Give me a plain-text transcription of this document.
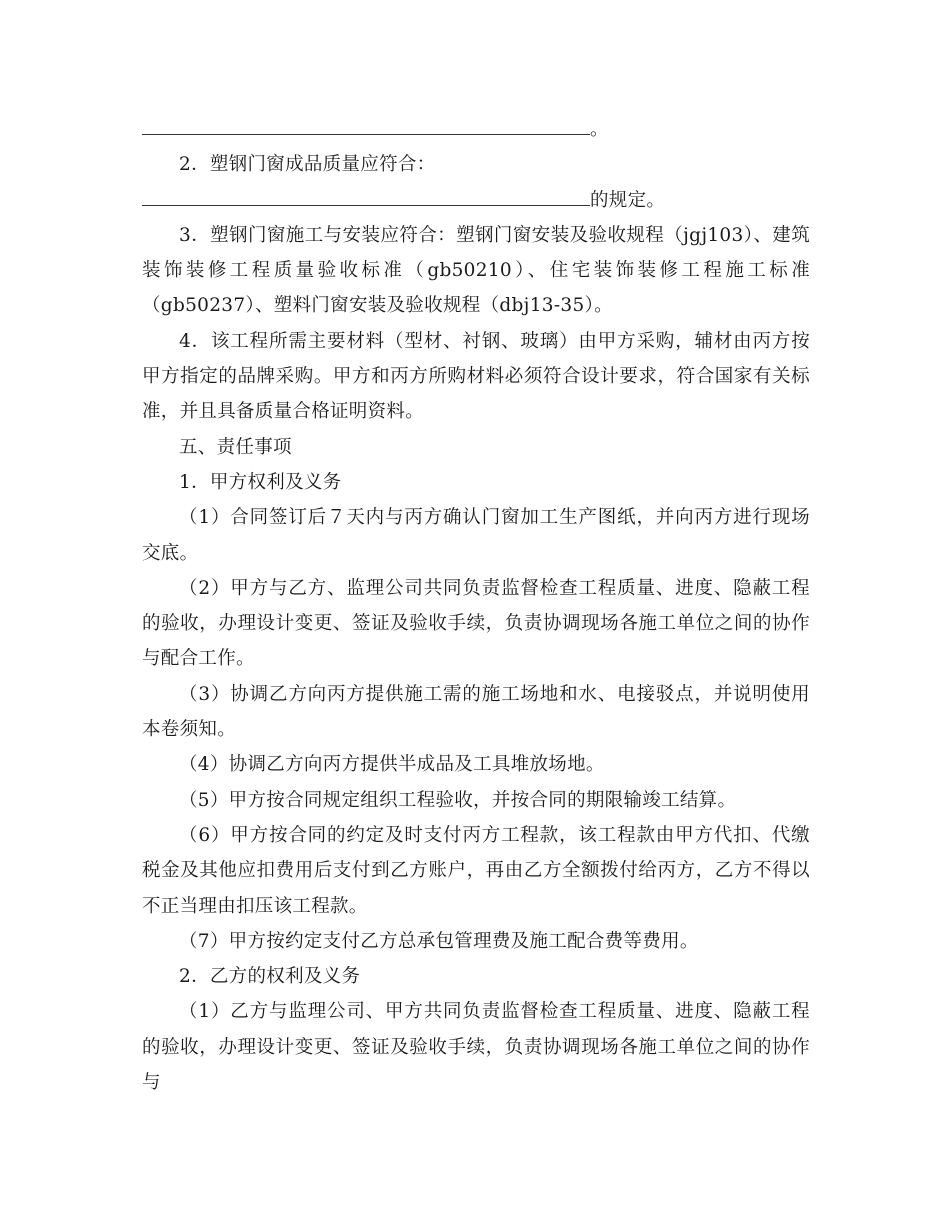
。

2．塑钢门窗成品质量应符合：

的规定。

3．塑钢门窗施工与安装应符合：塑钢门窗安装及验收规程（jgj103）、建筑装饰装修工程质量验收标准（gb50210）、住宅装饰装修工程施工标准（gb50237）、塑料门窗安装及验收规程（dbj13-35）。

4．该工程所需主要材料（型材、衬钢、玻璃）由甲方采购，辅材由丙方按甲方指定的品牌采购。甲方和丙方所购材料必须符合设计要求，符合国家有关标准，并且具备质量合格证明资料。

五、责任事项

1．甲方权利及义务

（1）合同签订后７天内与丙方确认门窗加工生产图纸，并向丙方进行现场交底。

（2）甲方与乙方、监理公司共同负责监督检查工程质量、进度、隐蔽工程的验收，办理设计变更、签证及验收手续，负责协调现场各施工单位之间的协作与配合工作。

（3）协调乙方向丙方提供施工需的施工场地和水、电接驳点，并说明使用本卷须知。

（4）协调乙方向丙方提供半成品及工具堆放场地。

（5）甲方按合同规定组织工程验收，并按合同的期限输竣工结算。

（6）甲方按合同的约定及时支付丙方工程款，该工程款由甲方代扣、代缴税金及其他应扣费用后支付到乙方账户，再由乙方全额拨付给丙方，乙方不得以不正当理由扣压该工程款。

（7）甲方按约定支付乙方总承包管理费及施工配合费等费用。

2．乙方的权利及义务

（1）乙方与监理公司、甲方共同负责监督检查工程质量、进度、隐蔽工程的验收，办理设计变更、签证及验收手续，负责协调现场各施工单位之间的协作与
